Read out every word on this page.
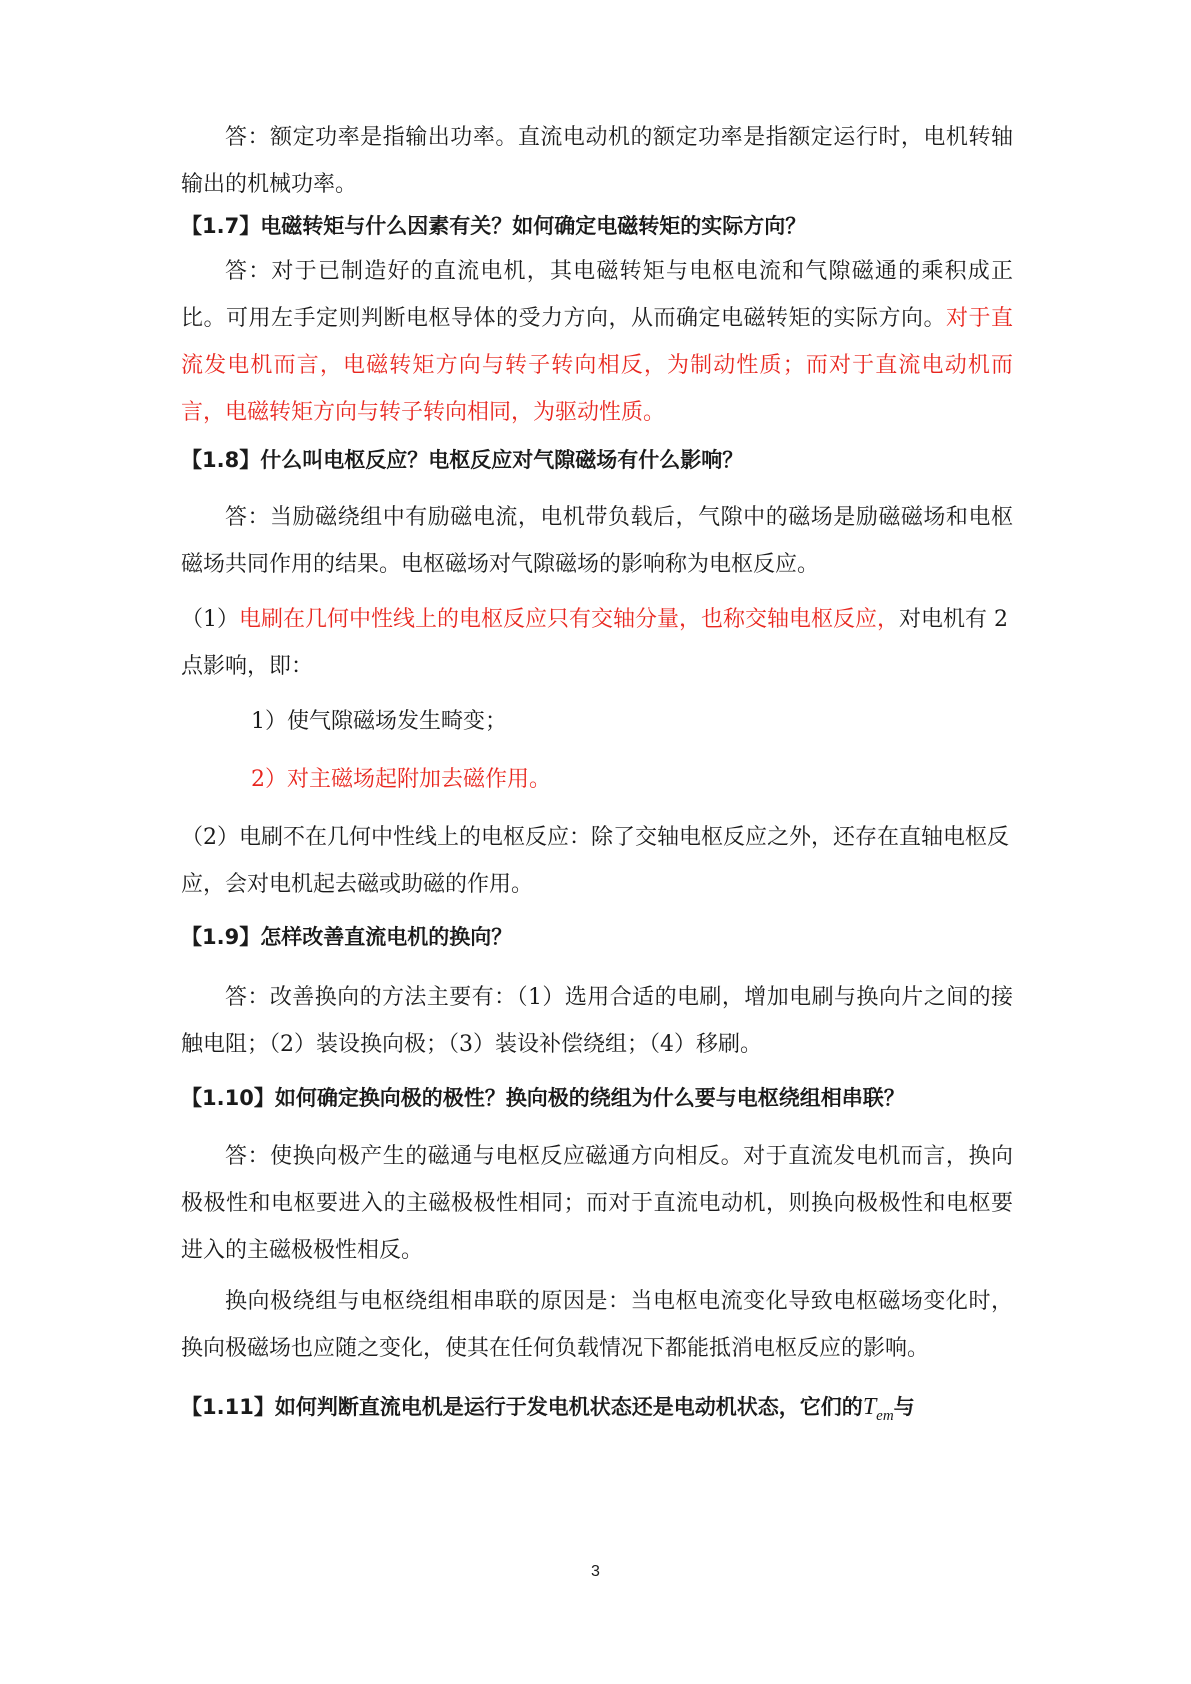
答：额定功率是指输出功率。直流电动机的额定功率是指额定运行时，电机转轴输出的机械功率。
【1.7】电磁转矩与什么因素有关？如何确定电磁转矩的实际方向？
答：对于已制造好的直流电机，其电磁转矩与电枢电流和气隙磁通的乘积成正比。可用左手定则判断电枢导体的受力方向，从而确定电磁转矩的实际方向。对于直流发电机而言，电磁转矩方向与转子转向相反，为制动性质；而对于直流电动机而言，电磁转矩方向与转子转向相同，为驱动性质。
【1.8】什么叫电枢反应？电枢反应对气隙磁场有什么影响？
答：当励磁绕组中有励磁电流，电机带负载后，气隙中的磁场是励磁磁场和电枢磁场共同作用的结果。电枢磁场对气隙磁场的影响称为电枢反应。
（1）电刷在几何中性线上的电枢反应只有交轴分量，也称交轴电枢反应，对电机有 2 点影响，即：
1）使气隙磁场发生畸变；
2）对主磁场起附加去磁作用。
（2）电刷不在几何中性线上的电枢反应：除了交轴电枢反应之外，还存在直轴电枢反应，会对电机起去磁或助磁的作用。
【1.9】怎样改善直流电机的换向？
答：改善换向的方法主要有：（1）选用合适的电刷，增加电刷与换向片之间的接触电阻；（2）装设换向极；（3）装设补偿绕组；（4）移刷。
【1.10】如何确定换向极的极性？换向极的绕组为什么要与电枢绕组相串联？
答：使换向极产生的磁通与电枢反应磁通方向相反。对于直流发电机而言，换向极极性和电枢要进入的主磁极极性相同；而对于直流电动机，则换向极极性和电枢要进入的主磁极极性相反。
换向极绕组与电枢绕组相串联的原因是：当电枢电流变化导致电枢磁场变化时，换向极磁场也应随之变化，使其在任何负载情况下都能抵消电枢反应的影响。
【1.11】如何判断直流电机是运行于发电机状态还是电动机状态，它们的$T_{em}$与
3
